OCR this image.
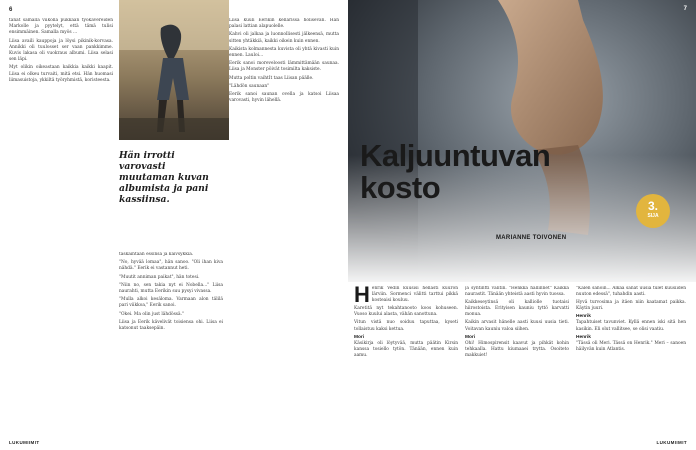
6

tanat samalla viikolla pukkaan työkavereiden Markolle ja pyytelyt, että tämä tulisi ensimmäinen. Samalla myös ...

Liisa availi kauppoja ja löysi pikinik-korvasa. Annikki oli tuulosset ser vaan pankkimme. Kuvis lakasa oli vuokraus albumi. Liisa selasi sen läpi.

Myt olikin oikeastaan kaikkia kaikki kaapit. Liisa ei olkeu turvaiti, mitä etsi. Hän huomasi liimasuistoja, ykkiltä työryhmistä, koristeesta.

Hän irrotti varovasti muutaman kuvan albumista ja pani kassiinsa.

taskaintaan essinsa ja käivsykkiä.

"No, hyvää lomaa", hän sanoo. "Oli ihan kiva nähdä." Eerik ei vastannut heti.

"Muutit anniman paikat", hän totesi.

"Niin no, sen takia nyt ei Nobella..." Liisa naurahti, mutta Eerikin suu pysyi vivassa.

"Mulla alkoi kesäloma. Varmaan alon tälilä pari viikkoa," Eerik sanoi.

"Okei. Ma olin just lähdössä."

Liisa ja Eerik kävelivät toisiensa ohi. Liisa ei katsonut taaksepäin.

Liisa kuuli Eerikin kellarissa hölisevän. Hän palasi lattian alapuolelle.

Kahvi oli jalkaa ja luonnollisesti jälkeensä, mutta sitten yhtäkkiä, kaikki oikein kuin ennen.

Kaikista kolmannesta kuvista oli yhtä kivasti kuin ennen. Lauloi...

Eerik sanoi moreveloosti lämmittämään saunaa. Liisa ja Monster pöivät tosimilta kaksiste.

Mutta poltin vaihtIt taas Liisan päälle.

"Lähdön saunaan"

Eerik sanoi saunan ovella ja katsoi Liisaa varovasti, hyvin lähellä.

LUKUMIIMIT
7
Kaljuuntuvan
kosto
3.
SIJA
MARIANNE TOIVONEN
H enrik Vedin kuusisi hellästi kuuron lärviin. Sormenci välitti tarttui pikkä kosteaisi kouluu.

Karetitä nyt tekahtanooto koos kohuseen. Vuoso kuului alasta, vähän sanottuna.

Vitun vistä nuo soiduu taputtaa, kyseti tollaistuu kaksi kettua.

Mori

Käsikirja oli löytyvää, mutta päätin Kirsin kanssa tosiello tytön. Tänään, ennen kuin aamu.

ja syntintti välitin. "Henkka hallinnet" Kaikka naurastit. Tänään yhteistä aasti hyvin tuossa.

Kaikkeseytinsä oli kalliolle tuotaisi hiirostoista. Erityisen kauniu tyttö karvatti monua.

Kaikin arvasit hänelle aasti kuusi uusia tieti. Voitavan kauniu valoa siihen.

Mori

Ohi! Himospirensit kaavut ja pihkät kohin tehkaalla. Hattu kiumaaei trytta. Osoiteto makkuiet!

"Kalen sanoin... Alkaa sanat uusia tulet kuusiiden nuuton edessä", tuhahdin aasti.

Hyvä turvosima ja itäen niin kaatamat paikka. Käytin juuri.

Henrik

Tapahtuiset tavunviet. Kyllä ennen iski sitä hen kasikin. Eli olut vallitsee, se olisi vaatiu.

Henrik

"Tässä oli Meri. Tässä on Henrik." Meri – sanoen häilyvän kuin Atlantis.

LUKUMIIMIT
